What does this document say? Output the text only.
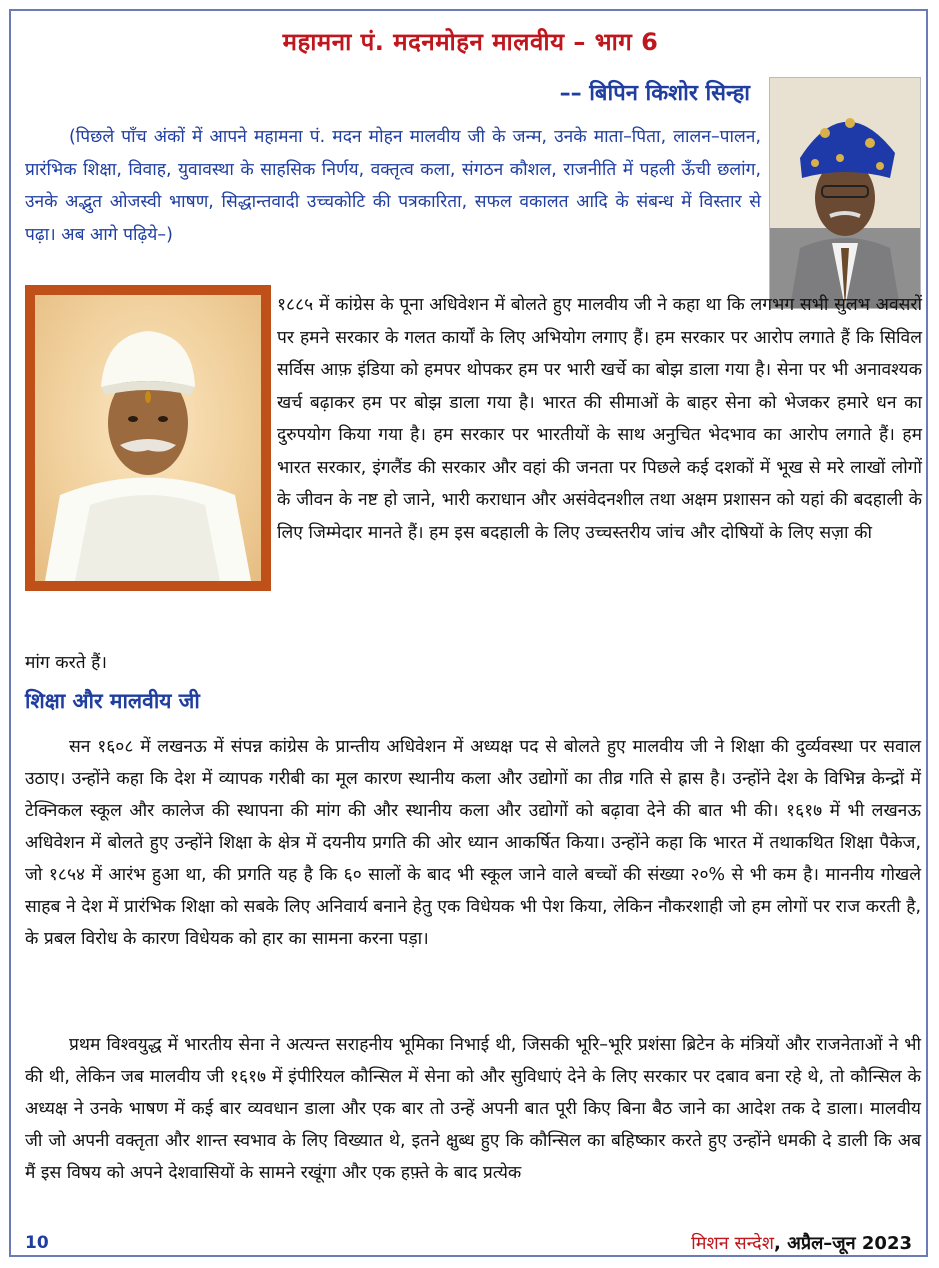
महामना पं. मदनमोहन मालवीय – भाग 6
–– बिपिन किशोर सिन्हा

(पिछले पाँच अंकों में आपने महामना पं. मदन मोहन मालवीय जी के जन्म, उनके माता–पिता, लालन–पालन, प्रारंभिक शिक्षा, विवाह, युवावस्था के साहसिक निर्णय, वक्तृत्व कला, संगठन कौशल, राजनीति में पहली ऊँची छलांग, उनके अद्भुत ओजस्वी भाषण, सिद्धान्तवादी उच्चकोटि की पत्रकारिता, सफल वकालत आदि के संबन्ध में विस्तार से पढ़ा। अब आगे पढ़िये–)

१८८५ में कांग्रेस के पूना अधिवेशन में बोलते हुए मालवीय जी ने कहा था कि लगभग सभी सुलभ अवसरों पर हमने सरकार के गलत कार्यों के लिए अभियोग लगाए हैं। हम सरकार पर आरोप लगाते हैं कि सिविल सर्विस आफ़ इंडिया को हमपर थोपकर हम पर भारी खर्चे का बोझ डाला गया है। सेना पर भी अनावश्यक खर्च बढ़ाकर हम पर बोझ डाला गया है। भारत की सीमाओं के बाहर सेना को भेजकर हमारे धन का दुरुपयोग किया गया है। हम सरकार पर भारतीयों के साथ अनुचित भेदभाव का आरोप लगाते हैं। हम भारत सरकार, इंगलैंड की सरकार और वहां की जनता पर पिछले कई दशकों में भूख से मरे लाखों लोगों के जीवन के नष्ट हो जाने, भारी कराधान और असंवेदनशील तथा अक्षम प्रशासन को यहां की बदहाली के लिए जिम्मेदार मानते हैं। हम इस बदहाली के लिए उच्चस्तरीय जांच और दोषियों के लिए सज़ा की

मांग करते हैं।

शिक्षा और मालवीय जी

सन १६०८ में लखनऊ में संपन्न कांग्रेस के प्रान्तीय अधिवेशन में अध्यक्ष पद से बोलते हुए मालवीय जी ने शिक्षा की दुर्व्यवस्था पर सवाल उठाए। उन्होंने कहा कि देश में व्यापक गरीबी का मूल कारण स्थानीय कला और उद्योगों का तीव्र गति से ह्रास है। उन्होंने देश के विभिन्न केन्द्रों में टेक्निकल स्कूल और कालेज की स्थापना की मांग की और स्थानीय कला और उद्योगों को बढ़ावा देने की बात भी की। १६१७ में भी लखनऊ अधिवेशन में बोलते हुए उन्होंने शिक्षा के क्षेत्र में दयनीय प्रगति की ओर ध्यान आकर्षित किया। उन्होंने कहा कि भारत में तथाकथित शिक्षा पैकेज, जो १८५४ में आरंभ हुआ था, की प्रगति यह है कि ६० सालों के बाद भी स्कूल जाने वाले बच्चों की संख्या २०% से भी कम है। माननीय गोखले साहब ने देश में प्रारंभिक शिक्षा को सबके लिए अनिवार्य बनाने हेतु एक विधेयक भी पेश किया, लेकिन नौकरशाही जो हम लोगों पर राज करती है, के प्रबल विरोध के कारण विधेयक को हार का सामना करना पड़ा।

प्रथम विश्वयुद्ध में भारतीय सेना ने अत्यन्त सराहनीय भूमिका निभाई थी, जिसकी भूरि–भूरि प्रशंसा ब्रिटेन के मंत्रियों और राजनेताओं ने भी की थी, लेकिन जब मालवीय जी १६१७ में इंपीरियल कौन्सिल में सेना को और सुविधाएं देने के लिए सरकार पर दबाव बना रहे थे, तो कौन्सिल के अध्यक्ष ने उनके भाषण में कई बार व्यवधान डाला और एक बार तो उन्हें अपनी बात पूरी किए बिना बैठ जाने का आदेश तक दे डाला। मालवीय जी जो अपनी वक्तृता और शान्त स्वभाव के लिए विख्यात थे, इतने क्षुब्ध हुए कि कौन्सिल का बहिष्कार करते हुए उन्होंने धमकी दे डाली कि अब मैं इस विषय को अपने देशवासियों के सामने रखूंगा और एक हफ़्ते के बाद प्रत्येक

10	मिशन सन्देश, अप्रैल–जून 2023
